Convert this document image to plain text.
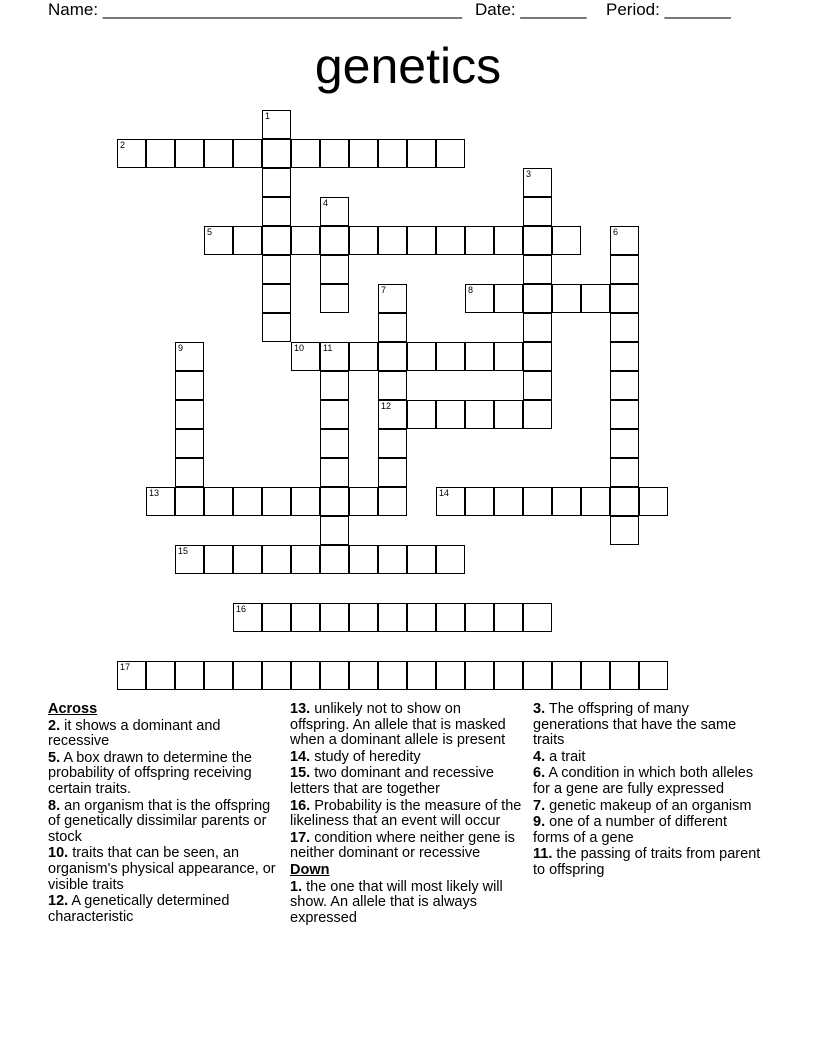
Name: ______________________________________ Date: _______ Period: _______
genetics
1
2
3
4
5	6
7
12
8
9	10 11
13	14
15
16
17
Across
2. it shows a dominant and recessive
5. A box drawn to determine the probability of offspring receiving certain traits.
8. an organism that is the offspring of genetically dissimilar parents or stock
10. traits that can be seen, an organism's physical appearance, or visible traits
12. A genetically determined characteristic
13. unlikely not to show on offspring. An allele that is masked when a dominant allele is present
14. study of heredity
15. two dominant and recessive letters that are together
16. Probability is the measure of the likeliness that an event will occur
17. condition where neither gene is neither dominant or recessive
Down
1. the one that will most likely will show. An allele that is always expressed
3. The offspring of many generations that have the same traits
4. a trait
6. A condition in which both alleles for a gene are fully expressed
7. genetic makeup of an organism
9. one of a number of different forms of a gene
11. the passing of traits from parent to offspring
